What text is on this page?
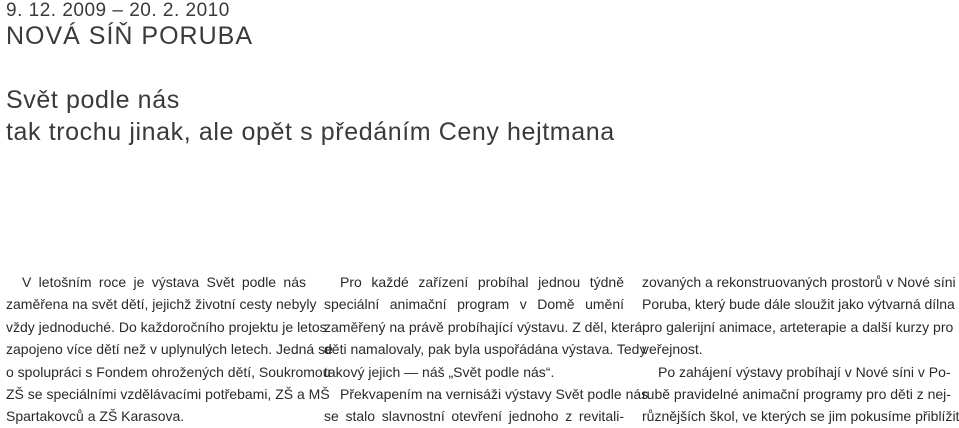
9. 12. 2009 – 20. 2. 2010
NOVÁ SÍŇ PORUBA
Svět podle nás
tak trochu jinak, ale opět s předáním Ceny hejtmana
V letošním roce je výstava Svět podle nás
zaměřena na svět dětí, jejichž životní cesty nebyly
vždy jednoduché. Do každoročního projektu je letos
zapojeno více dětí než v uplynulých letech. Jedná se
o spolupráci s Fondem ohrožených dětí, Soukromou
ZŠ se speciálními vzdělávacími potřebami, ZŠ a MŠ
Spartakovců a ZŠ Karasova.
Pro každé zařízení probíhal jednou týdně
speciální animační program v Domě umění
zaměřený na právě probíhající výstavu. Z děl, která
děti namalovaly, pak byla uspořádána výstava. Tedy
takový jejich — náš „Svět podle nás“.
Překvapením na vernisáži výstavy Svět podle nás
se stalo slavnostní otevření jednoho z revitali-
zovaných a rekonstruovaných prostorů v Nové síni
Poruba, který bude dále sloužit jako výtvarná dílna
pro galerijní animace, arteterapie a další kurzy pro
veřejnost.
Po zahájení výstavy probíhají v Nové síni v Po-
rubě pravidelné animační programy pro děti z nej-
různějších škol, ve kterých se jim pokusíme přiblížit
